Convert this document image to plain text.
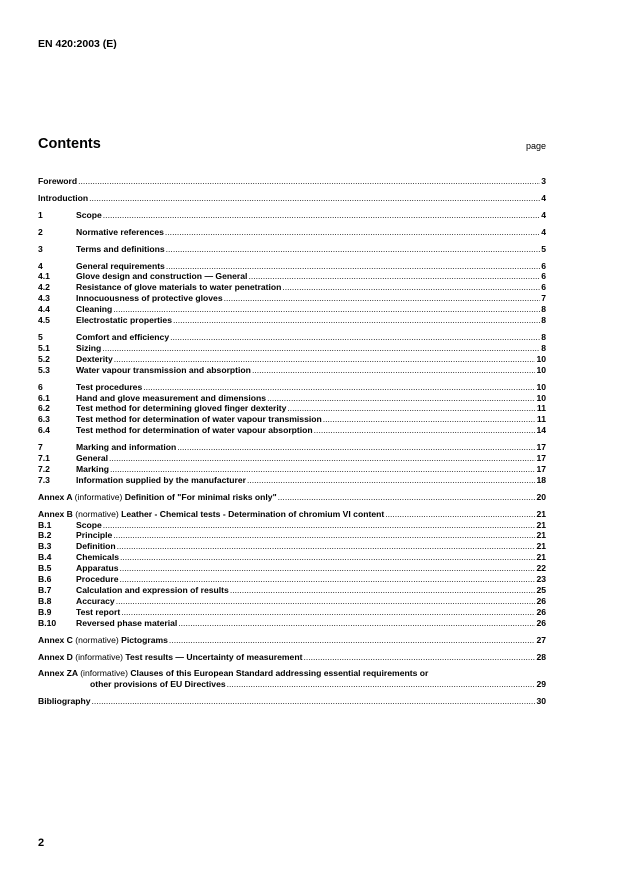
EN 420:2003 (E)
Contents	page
Foreword .....	3
Introduction .....	4
1	Scope .....	4
2	Normative references .....	4
3	Terms and definitions .....	5
4	General requirements .....	6
4.1	Glove design and construction — General .....	6
4.2	Resistance of glove materials to water penetration .....	6
4.3	Innocuousness of protective gloves .....	7
4.4	Cleaning .....	8
4.5	Electrostatic properties .....	8
5	Comfort and efficiency .....	8
5.1	Sizing .....	8
5.2	Dexterity .....	10
5.3	Water vapour transmission and absorption .....	10
6	Test procedures .....	10
6.1	Hand and glove measurement and dimensions .....	10
6.2	Test method for determining gloved finger dexterity .....	11
6.3	Test method for determination of water vapour transmission .....	11
6.4	Test method for determination of water vapour absorption .....	14
7	Marking and information .....	17
7.1	General .....	17
7.2	Marking .....	17
7.3	Information supplied by the manufacturer .....	18
Annex A (informative) Definition of "For minimal risks only" .....	20
Annex B (normative) Leather - Chemical tests - Determination of chromium VI content .....	21
B.1	Scope .....	21
B.2	Principle .....	21
B.3	Definition .....	21
B.4	Chemicals .....	21
B.5	Apparatus .....	22
B.6	Procedure .....	23
B.7	Calculation and expression of results .....	25
B.8	Accuracy .....	26
B.9	Test report .....	26
B.10	Reversed phase material .....	26
Annex C (normative) Pictograms .....	27
Annex D (informative) Test results — Uncertainty of measurement .....	28
Annex ZA (informative) Clauses of this European Standard addressing essential requirements or
other provisions of EU Directives .....	29
Bibliography .....	30
2
